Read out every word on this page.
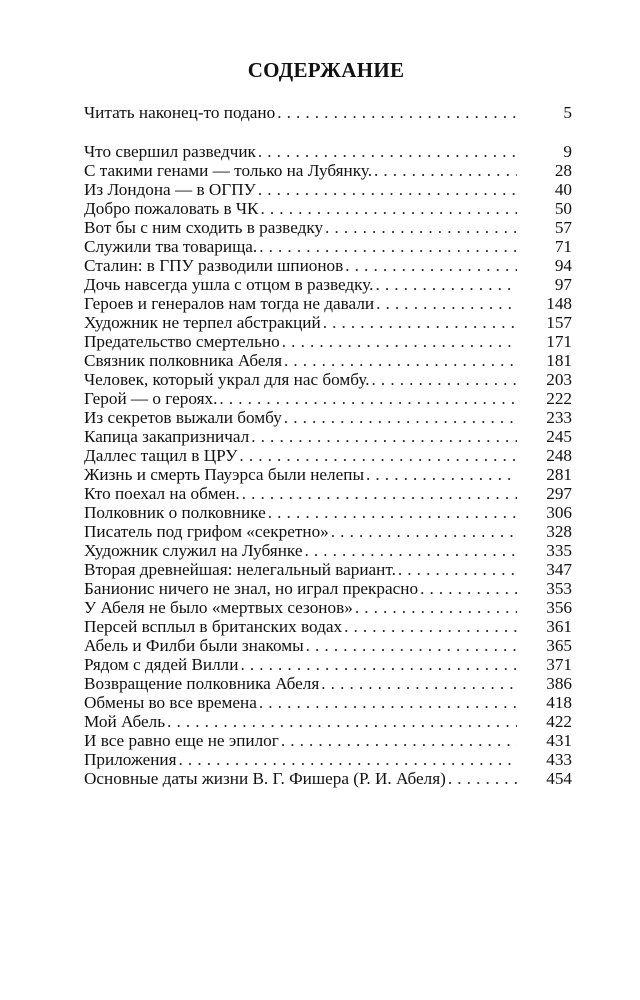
СОДЕРЖАНИЕ
Читать наконец-то подано .....	5
Что свершил разведчик .....	9
С такими генами — только на Лубянку. .....	28
Из Лондона — в ОГПУ .....	40
Добро пожаловать в ЧК .....	50
Вот бы с ним сходить в разведку .....	57
Служили тва товарища. .....	71
Сталин: в ГПУ разводили шпионов .....	94
Дочь навсегда ушла с отцом в разведку. .....	97
Героев и генералов нам тогда не давали .....	148
Художник не терпел абстракций .....	157
Предательство смертельно .....	171
Связник полковника Абеля .....	181
Человек, который украл для нас бомбу. .....	203
Герой — о героях. .....	222
Из секретов выжали бомбу .....	233
Капица закапризничал .....	245
Даллес тащил в ЦРУ .....	248
Жизнь и смерть Пауэрса были нелепы .....	281
Кто поехал на обмен. .....	297
Полковник о полковнике .....	306
Писатель под грифом «секретно» .....	328
Художник служил на Лубянке .....	335
Вторая древнейшая: нелегальный вариант. .....	347
Банионис ничего не знал, но играл прекрасно .....	353
У Абеля не было «мертвых сезонов» .....	356
Персей всплыл в британских водах .....	361
Абель и Филби были знакомы .....	365
Рядом с дядей Вилли .....	371
Возвращение полковника Абеля .....	386
Обмены во все времена .....	418
Мой Абель .....	422
И все равно еще не эпилог .....	431
Приложения .....	433
Основные даты жизни В. Г. Фишера (Р. И. Абеля) .....	454
